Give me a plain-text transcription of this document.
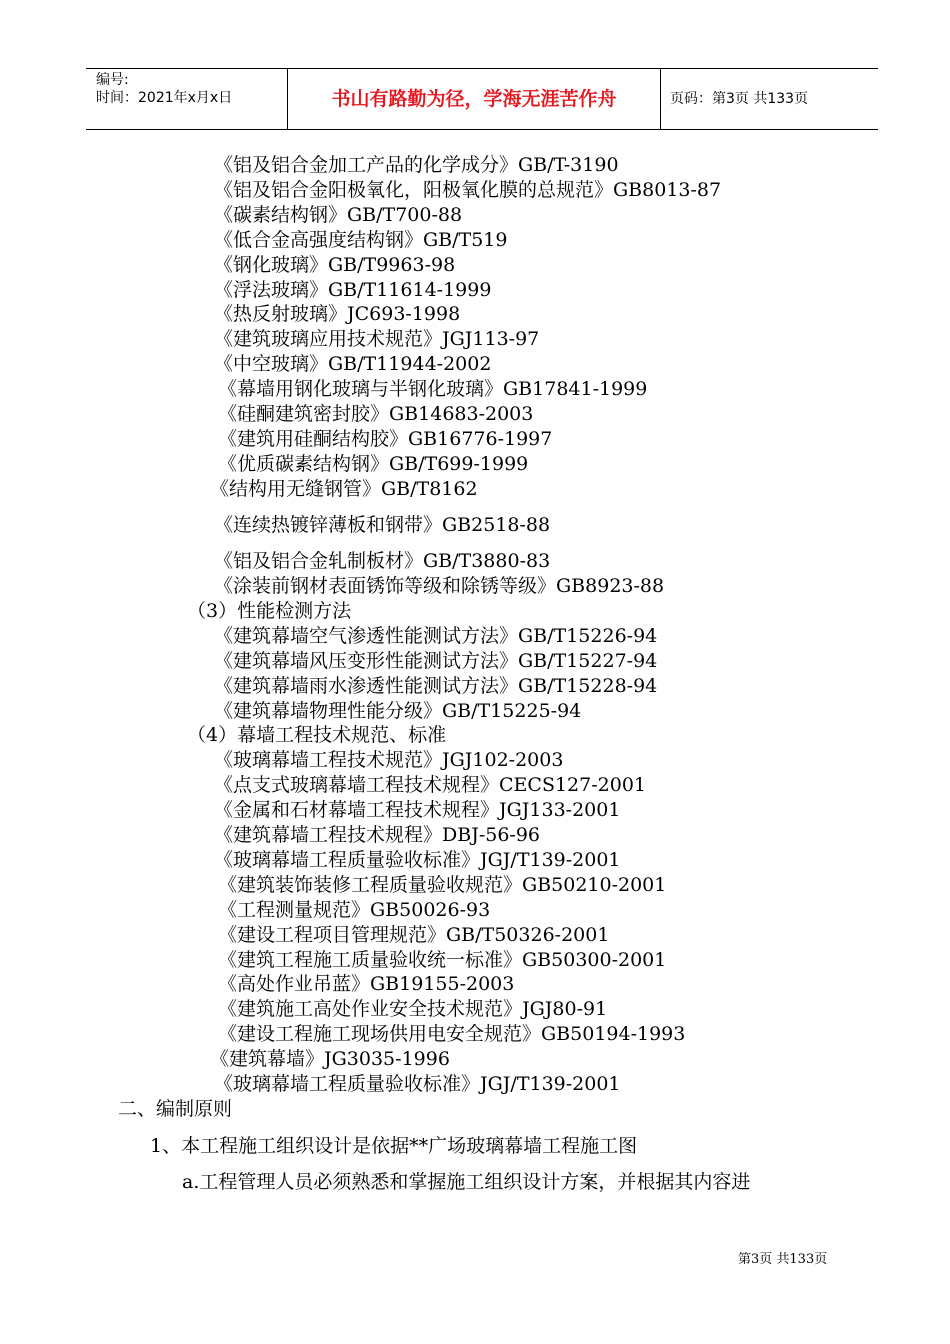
编号:
时间：2021年x月x日	书山有路勤为径，学海无涯苦作舟	页码：第3页 共133页
《铝及铝合金加工产品的化学成分》GB/T-3190
《铝及铝合金阳极氧化，阳极氧化膜的总规范》GB8013-87
《碳素结构钢》GB/T700-88
《低合金高强度结构钢》GB/T519
《钢化玻璃》GB/T9963-98
《浮法玻璃》GB/T11614-1999
《热反射玻璃》JC693-1998
《建筑玻璃应用技术规范》JGJ113-97
《中空玻璃》GB/T11944-2002
《幕墙用钢化玻璃与半钢化玻璃》GB17841-1999
《硅酮建筑密封胶》GB14683-2003
《建筑用硅酮结构胶》GB16776-1997
《优质碳素结构钢》GB/T699-1999
《结构用无缝钢管》GB/T8162
《连续热镀锌薄板和钢带》GB2518-88
《铝及铝合金轧制板材》GB/T3880-83
《涂装前钢材表面锈饰等级和除锈等级》GB8923-88
（3）性能检测方法
《建筑幕墙空气渗透性能测试方法》GB/T15226-94
《建筑幕墙风压变形性能测试方法》GB/T15227-94
《建筑幕墙雨水渗透性能测试方法》GB/T15228-94
《建筑幕墙物理性能分级》GB/T15225-94
（4）幕墙工程技术规范、标准
《玻璃幕墙工程技术规范》JGJ102-2003
《点支式玻璃幕墙工程技术规程》CECS127-2001
《金属和石材幕墙工程技术规程》JGJ133-2001
《建筑幕墙工程技术规程》DBJ-56-96
《玻璃幕墙工程质量验收标准》JGJ/T139-2001
《建筑装饰装修工程质量验收规范》GB50210-2001
《工程测量规范》GB50026-93
《建设工程项目管理规范》GB/T50326-2001
《建筑工程施工质量验收统一标准》GB50300-2001
《高处作业吊蓝》GB19155-2003
《建筑施工高处作业安全技术规范》JGJ80-91
《建设工程施工现场供用电安全规范》GB50194-1993
《建筑幕墙》JG3035-1996
《玻璃幕墙工程质量验收标准》JGJ/T139-2001
二、编制原则
1、本工程施工组织设计是依据**广场玻璃幕墙工程施工图
a.工程管理人员必须熟悉和掌握施工组织设计方案，并根据其内容进
第3页 共133页
